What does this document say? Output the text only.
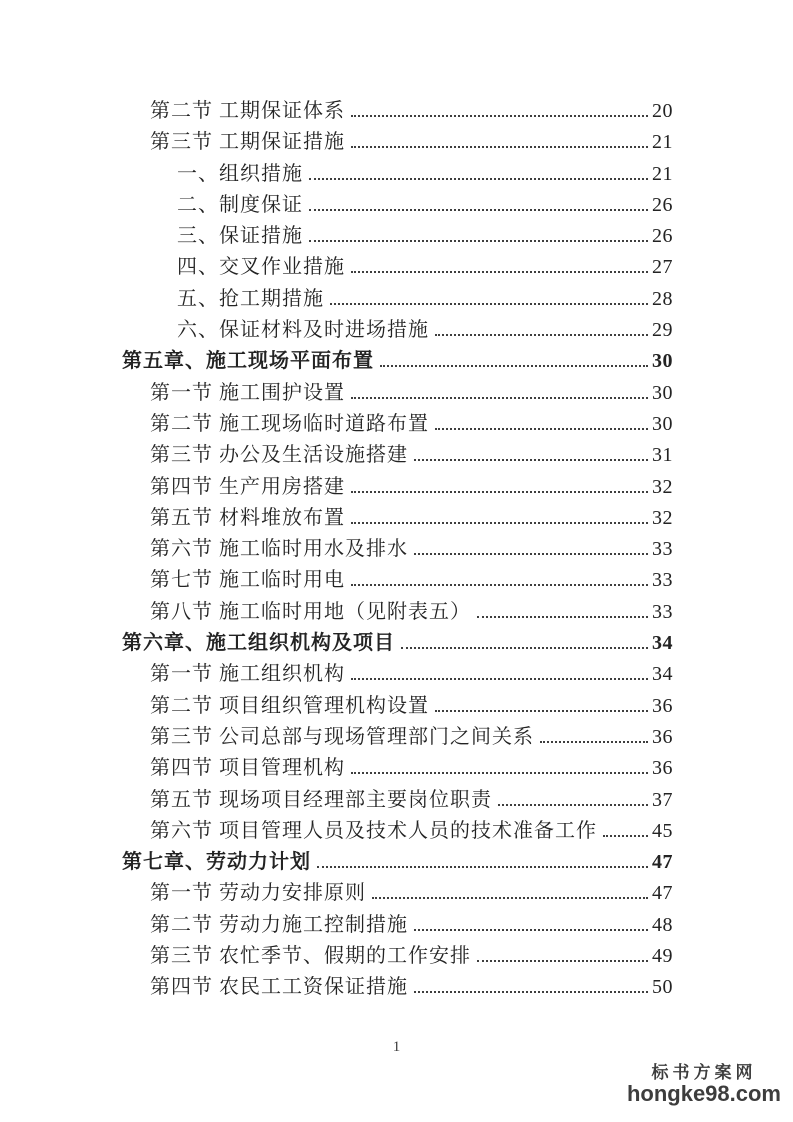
第二节 工期保证体系	20
第三节 工期保证措施	21
一、组织措施	21
二、制度保证	26
三、保证措施	26
四、交叉作业措施	27
五、抢工期措施	28
六、保证材料及时进场措施	29
第五章、施工现场平面布置	30
第一节 施工围护设置	30
第二节 施工现场临时道路布置	30
第三节 办公及生活设施搭建	31
第四节 生产用房搭建	32
第五节 材料堆放布置	32
第六节 施工临时用水及排水	33
第七节 施工临时用电	33
第八节 施工临时用地（见附表五）	33
第六章、施工组织机构及项目	34
第一节 施工组织机构	34
第二节 项目组织管理机构设置	36
第三节 公司总部与现场管理部门之间关系	36
第四节 项目管理机构	36
第五节 现场项目经理部主要岗位职责	37
第六节 项目管理人员及技术人员的技术准备工作	45
第七章、劳动力计划	47
第一节 劳动力安排原则	47
第二节 劳动力施工控制措施	48
第三节 农忙季节、假期的工作安排	49
第四节 农民工工资保证措施	50
1
标书方案网
hongke98.com
